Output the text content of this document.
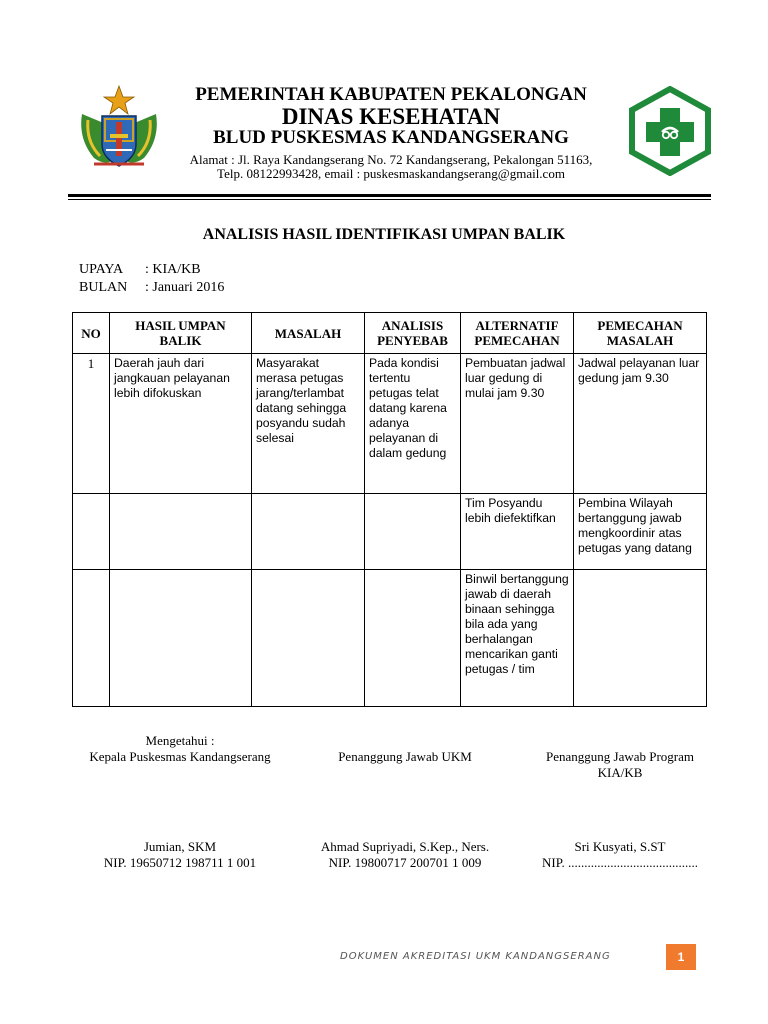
PEMERINTAH KABUPATEN PEKALONGAN
DINAS KESEHATAN
BLUD PUSKESMAS KANDANGSERANG
Alamat : Jl. Raya Kandangserang No. 72 Kandangserang, Pekalongan 51163,
Telp. 08122993428, email : puskesmaskandangserang@gmail.com
ANALISIS HASIL IDENTIFIKASI UMPAN BALIK
UPAYA : KIA/KB
BULAN : Januari 2016
NO	HASIL UMPAN BALIK	MASALAH	ANALISIS PENYEBAB	ALTERNATIF PEMECAHAN	PEMECAHAN MASALAH
1	Daerah jauh dari jangkauan pelayanan lebih difokuskan	Masyarakat merasa petugas jarang/terlambat datang sehingga posyandu sudah selesai	Pada kondisi tertentu petugas telat datang karena adanya pelayanan di dalam gedung	Pembuatan jadwal luar gedung di mulai jam 9.30	Jadwal pelayanan luar gedung jam 9.30
				Tim Posyandu lebih diefektifkan	Pembina Wilayah bertanggung jawab mengkoordinir atas petugas yang datang
				Binwil bertanggung jawab di daerah binaan sehingga bila ada yang berhalangan mencarikan ganti petugas / tim	
Mengetahui :
Kepala Puskesmas Kandangserang	Penanggung Jawab UKM	Penanggung Jawab Program
KIA/KB
Jumian, SKM
NIP. 19650712 198711 1 001
Ahmad Supriyadi, S.Kep., Ners.
NIP. 19800717 200701 1 009
Sri Kusyati, S.ST
NIP. ........................................
DOKUMEN AKREDITASI UKM KANDANGSERANG	1
